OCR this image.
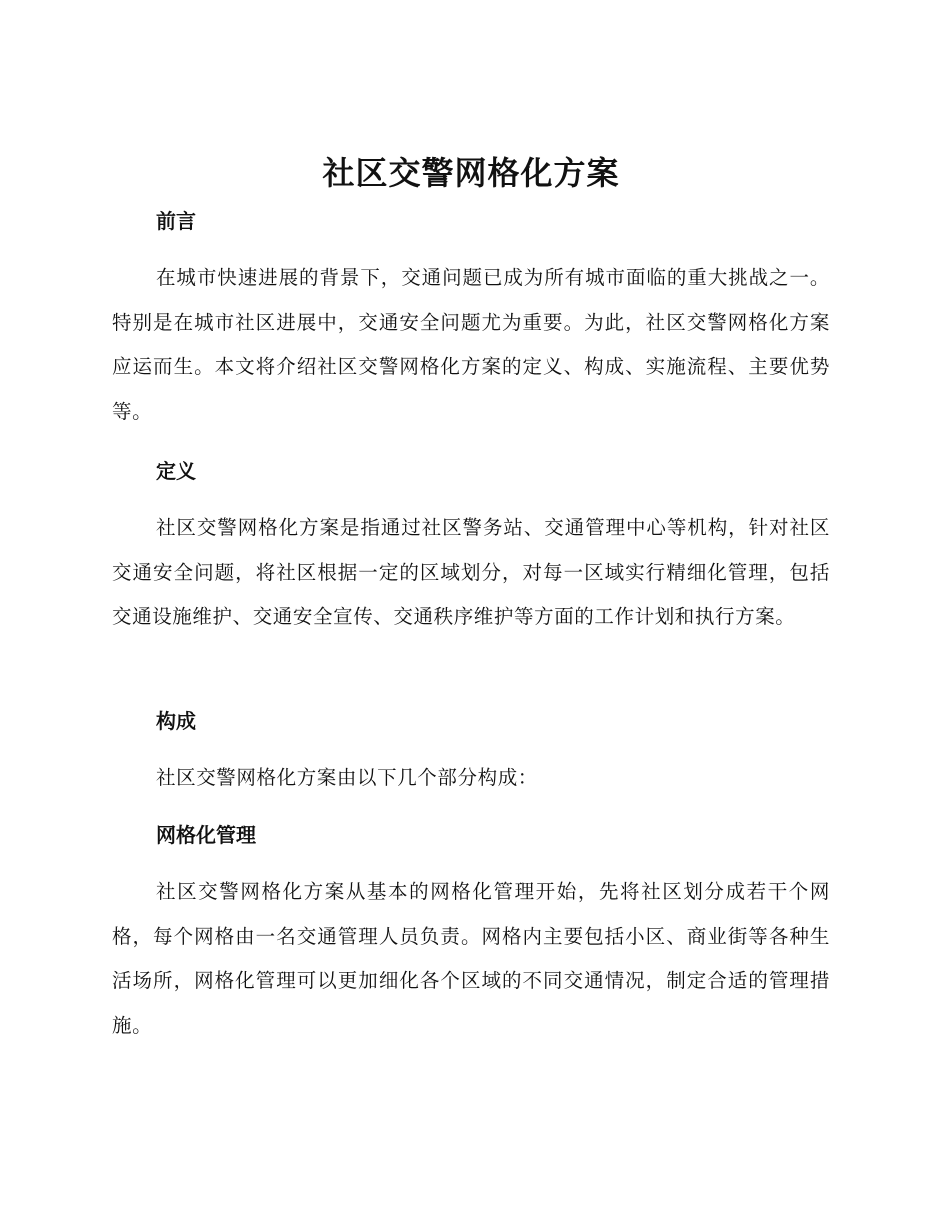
社区交警网格化方案
前言

在城市快速进展的背景下，交通问题已成为所有城市面临的重大挑战之一。特别是在城市社区进展中，交通安全问题尤为重要。为此，社区交警网格化方案应运而生。本文将介绍社区交警网格化方案的定义、构成、实施流程、主要优势等。

定义

社区交警网格化方案是指通过社区警务站、交通管理中心等机构，针对社区交通安全问题，将社区根据一定的区域划分，对每一区域实行精细化管理，包括交通设施维护、交通安全宣传、交通秩序维护等方面的工作计划和执行方案。

构成

社区交警网格化方案由以下几个部分构成：

网格化管理

社区交警网格化方案从基本的网格化管理开始，先将社区划分成若干个网格，每个网格由一名交通管理人员负责。网格内主要包括小区、商业街等各种生活场所，网格化管理可以更加细化各个区域的不同交通情况，制定合适的管理措施。
